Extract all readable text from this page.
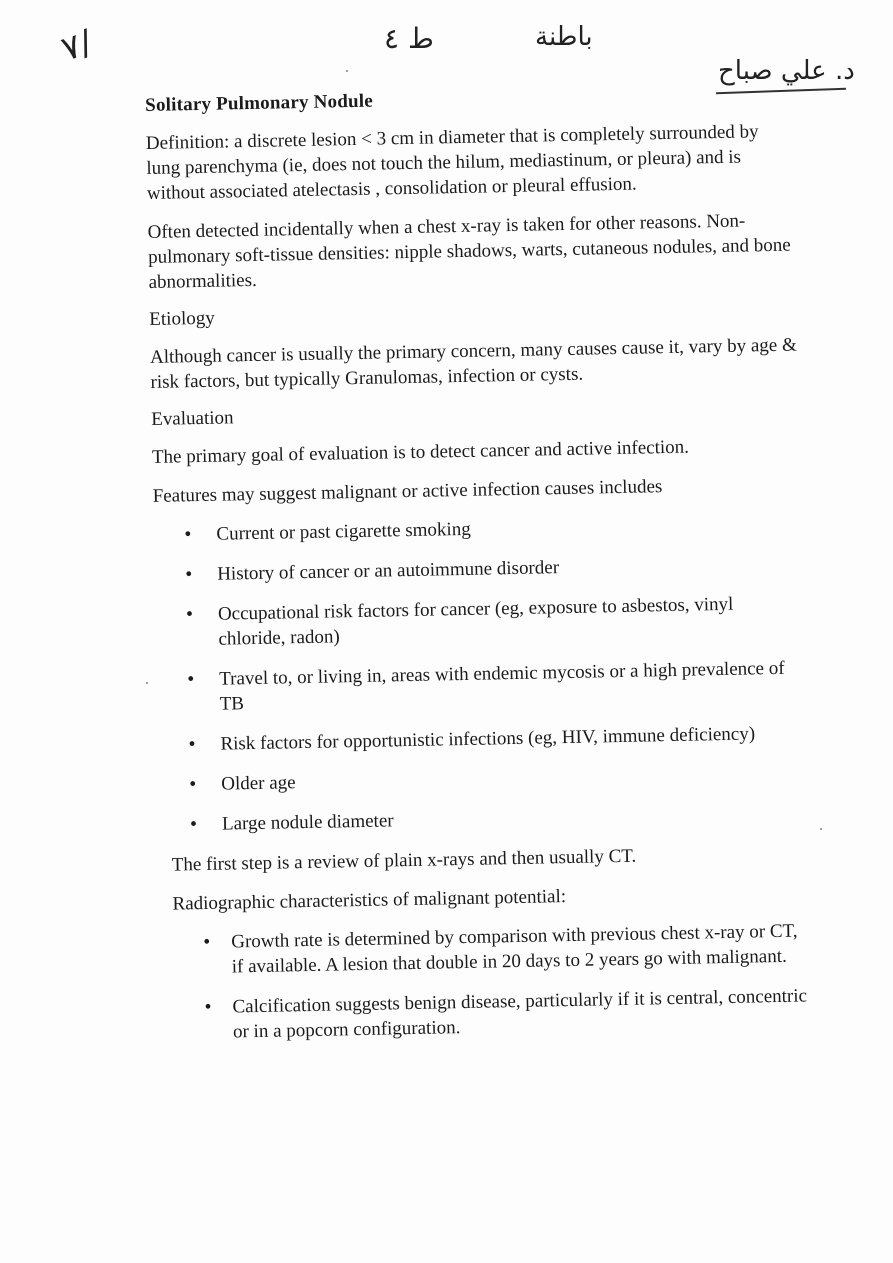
٧/	ط ٤	باطنة
د. علي صباح
Solitary Pulmonary Nodule

Definition: a discrete lesion < 3 cm in diameter that is completely surrounded by lung parenchyma (ie, does not touch the hilum, mediastinum, or pleura) and is without associated atelectasis , consolidation or pleural effusion.

Often detected incidentally when a chest x-ray is taken for other reasons. Non-pulmonary soft-tissue densities: nipple shadows, warts, cutaneous nodules, and bone abnormalities.

Etiology

Although cancer is usually the primary concern, many causes cause it, vary by age & risk factors, but typically Granulomas, infection or cysts.

Evaluation

The primary goal of evaluation is to detect cancer and active infection.

Features may suggest malignant or active infection causes includes

• Current or past cigarette smoking
• History of cancer or an autoimmune disorder
• Occupational risk factors for cancer (eg, exposure to asbestos, vinyl chloride, radon)
• Travel to, or living in, areas with endemic mycosis or a high prevalence of TB
• Risk factors for opportunistic infections (eg, HIV, immune deficiency)
• Older age
• Large nodule diameter

The first step is a review of plain x-rays and then usually CT.

Radiographic characteristics of malignant potential:

• Growth rate is determined by comparison with previous chest x-ray or CT, if available. A lesion that double in 20 days to 2 years go with malignant.
• Calcification suggests benign disease, particularly if it is central, concentric or in a popcorn configuration.
